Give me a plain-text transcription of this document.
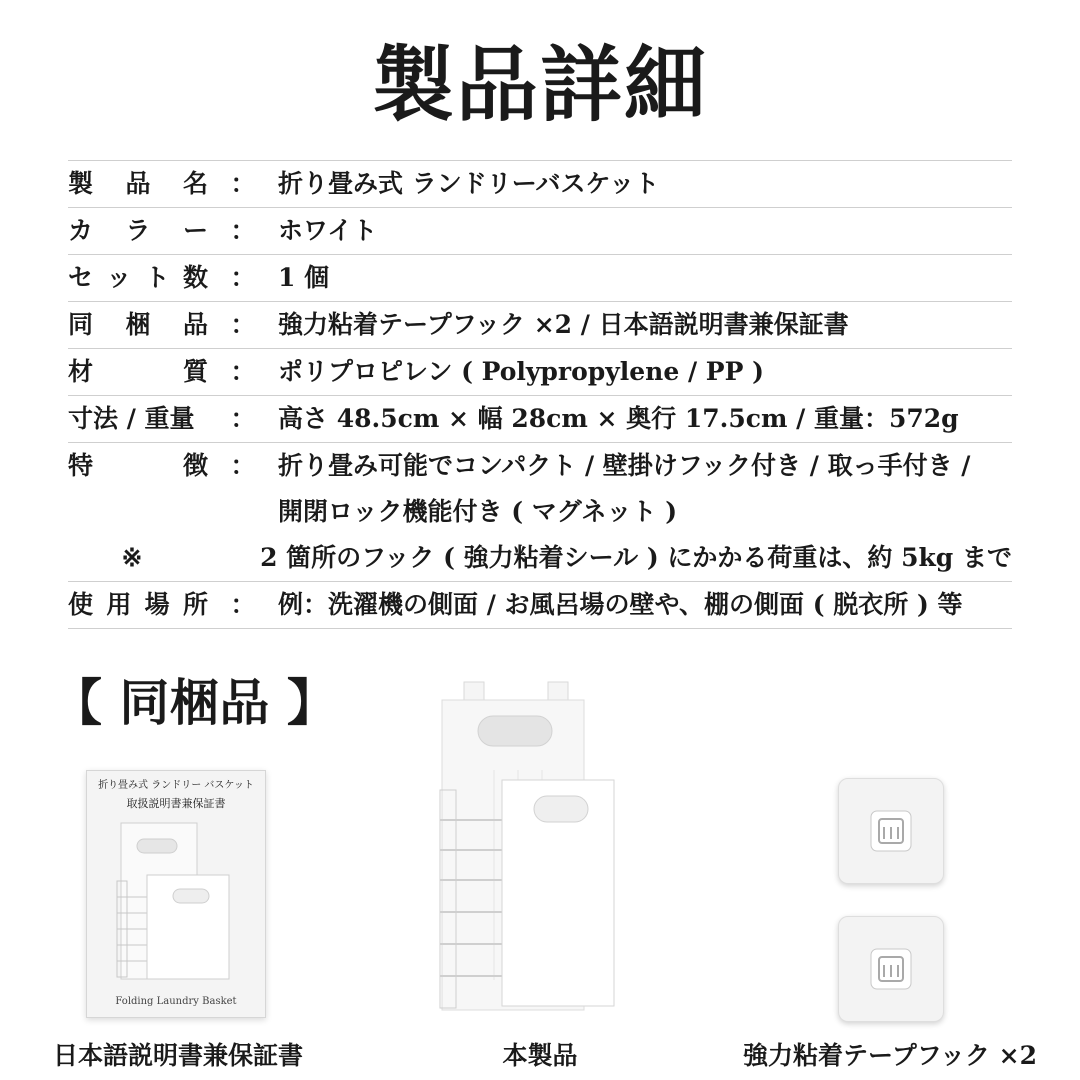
製品詳細
製 品 名 ： 折り畳み式 ランドリーバスケット
カ ラ ー ： ホワイト
セ ッ ト 数 ： 1 個
同 梱 品 ： 強力粘着テープフック ×2 / 日本語説明書兼保証書
材	質 ： ポリプロピレン ( Polypropylene / PP )
寸法 / 重量	： 高さ 48.5cm × 幅 28cm × 奥行 17.5cm / 重量：572g
特	徴 ： 折り畳み可能でコンパクト / 壁掛けフック付き / 取っ手付き /
開閉ロック機能付き ( マグネット )
※	2 箇所のフック ( 強力粘着シール ) にかかる荷重は、約 5kg まで
使 用 場 所 ： 例：洗濯機の側面 / お風呂場の壁や、棚の側面 ( 脱衣所 ) 等
【 同梱品 】
折り畳み式 ランドリー バスケット
取扱説明書兼保証書
Folding Laundry Basket
日本語説明書兼保証書	本製品	強力粘着テープフック ×2
